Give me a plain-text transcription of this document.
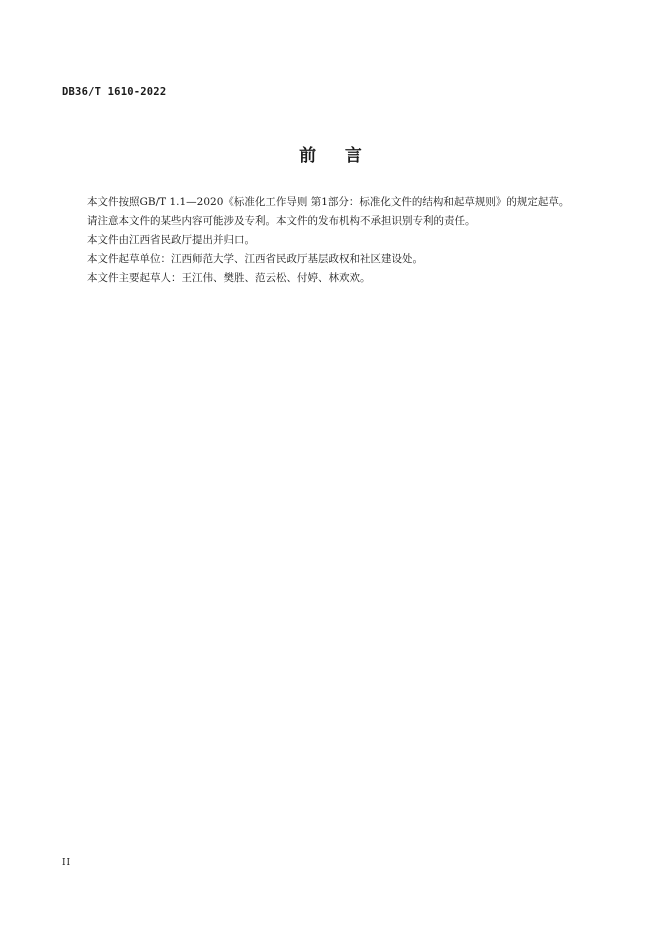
DB36/T 1610-2022
前    言

本文件按照GB/T 1.1—2020《标准化工作导则 第1部分：标准化文件的结构和起草规则》的规定起草。

请注意本文件的某些内容可能涉及专利。本文件的发布机构不承担识别专利的责任。

本文件由江西省民政厅提出并归口。

本文件起草单位：江西师范大学、江西省民政厅基层政权和社区建设处。

本文件主要起草人：王江伟、樊胜、范云松、付婷、林欢欢。

II
